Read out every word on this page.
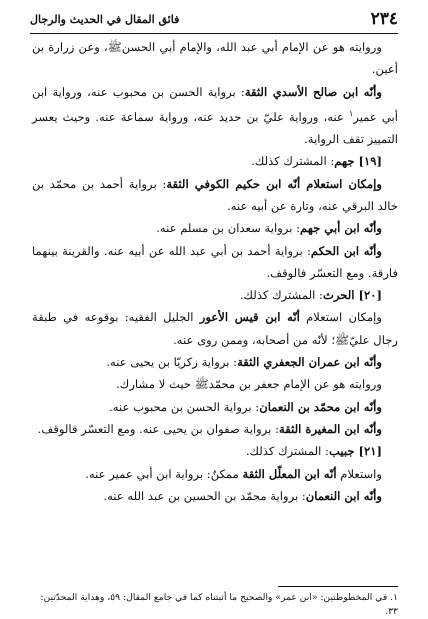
٢٣٤
فائق المقال في الحديث والرجال

وروايته هو عن الإمام أبي عبد الله، والإمام أبي الحسنﷺ، وعن زرارة بن أعين.

وأنّه ابن صالح الأسدي الثقة: برواية الحسن بن محبوب عنه، ورواية ابن أبي عمير$^١$ عنه، ورواية عليّ بن حديد عنه، ورواية سماعة عنه. وحيث يعسر التمييز تقف الرواية.

[١٩] جهم: المشترك كذلك.

وإمكان استعلام أنّه ابن حكيم الكوفي الثقة: برواية أحمد بن محمّد بن خالد البرقي عنه، وتارة عن أبيه عنه.

وأنّه ابن أبي جهم: برواية سعدان بن مسلم عنه.

وأنّه ابن الحكم: برواية أحمد بن أبي عبد الله عن أبيه عنه. والقرينة بينهما فارقة. ومع التعسّر فالوقف.

[٢٠] الحرث: المشترك كذلك.

وإمكان استعلام أنّه ابن قيس الأعور الجليل الفقيه: بوقوعه في طبقة رجال عليّﷺ؛ لأنّه من أصحابه، وممن روى عنه.

وأنّه ابن عمران الجعفري الثقة: برواية زكريّا بن يحيى عنه.

وروايته هو عن الإمام جعفر بن محمّدﷺ حيث لا مشارك.

وأنّه ابن محمّد بن النعمان: برواية الحسن بن محبوب عنه.

وأنّه ابن المغيرة الثقة: برواية صفوان بن يحيى عنه. ومع التعسّر فالوقف.

[٢١] جبيب: المشترك كذلك.

واستعلام أنّه ابن المعلّل الثقة ممكنٌ: برواية ابن أبي عمير عنه.

وأنّه ابن النعمان: برواية محمّد بن الحسين بن عبد الله عنه.

١. في المخطوطتين: «ابن عمر» والصحيح ما أثبتناه كما في جامع المقال: ٥٩، وهداية المحدّثين: ٣٣.
